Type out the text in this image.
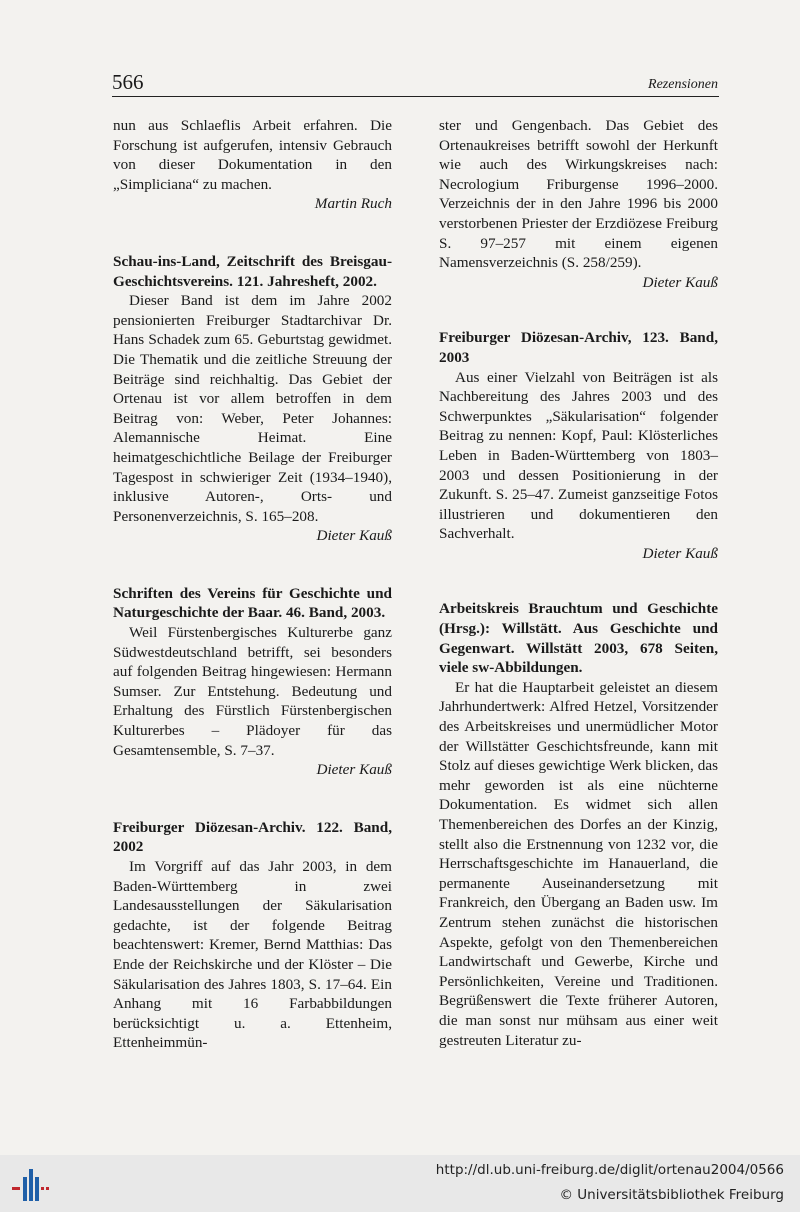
566	Rezensionen

nun aus Schlaeflis Arbeit erfahren. Die Forschung ist aufgerufen, intensiv Gebrauch von dieser Dokumentation in den „Simpliciana“ zu machen.

Martin Ruch

Schau-ins-Land, Zeitschrift des Breisgau-Geschichtsvereins. 121. Jahresheft, 2002.

Dieser Band ist dem im Jahre 2002 pensionierten Freiburger Stadtarchivar Dr. Hans Schadek zum 65. Geburtstag gewidmet. Die Thematik und die zeitliche Streuung der Beiträge sind reichhaltig. Das Gebiet der Ortenau ist vor allem betroffen in dem Beitrag von: Weber, Peter Johannes: Alemannische Heimat. Eine heimatgeschichtliche Beilage der Freiburger Tagespost in schwieriger Zeit (1934–1940), inklusive Autoren-, Orts- und Personenverzeichnis, S. 165–208.

Dieter Kauß

Schriften des Vereins für Geschichte und Naturgeschichte der Baar. 46. Band, 2003.

Weil Fürstenbergisches Kulturerbe ganz Südwestdeutschland betrifft, sei besonders auf folgenden Beitrag hingewiesen: Hermann Sumser. Zur Entstehung. Bedeutung und Erhaltung des Fürstlich Fürstenbergischen Kulturerbes – Plädoyer für das Gesamtensemble, S. 7–37.

Dieter Kauß

Freiburger Diözesan-Archiv. 122. Band, 2002

Im Vorgriff auf das Jahr 2003, in dem Baden-Württemberg in zwei Landesausstellungen der Säkularisation gedachte, ist der folgende Beitrag beachtenswert: Kremer, Bernd Matthias: Das Ende der Reichskirche und der Klöster – Die Säkularisation des Jahres 1803, S. 17–64. Ein Anhang mit 16 Farbabbildungen berücksichtigt u. a. Ettenheim, Ettenheimmün-

ster und Gengenbach. Das Gebiet des Ortenaukreises betrifft sowohl der Herkunft wie auch des Wirkungskreises nach: Necrologium Friburgense 1996–2000. Verzeichnis der in den Jahre 1996 bis 2000 verstorbenen Priester der Erzdiözese Freiburg S. 97–257 mit einem eigenen Namensverzeichnis (S. 258/259).

Dieter Kauß

Freiburger Diözesan-Archiv, 123. Band, 2003

Aus einer Vielzahl von Beiträgen ist als Nachbereitung des Jahres 2003 und des Schwerpunktes „Säkularisation“ folgender Beitrag zu nennen: Kopf, Paul: Klösterliches Leben in Baden-Württemberg von 1803–2003 und dessen Positionierung in der Zukunft. S. 25–47. Zumeist ganzseitige Fotos illustrieren und dokumentieren den Sachverhalt.

Dieter Kauß

Arbeitskreis Brauchtum und Geschichte (Hrsg.): Willstätt. Aus Geschichte und Gegenwart. Willstätt 2003, 678 Seiten, viele sw-Abbildungen.

Er hat die Hauptarbeit geleistet an diesem Jahrhundertwerk: Alfred Hetzel, Vorsitzender des Arbeitskreises und unermüdlicher Motor der Willstätter Geschichtsfreunde, kann mit Stolz auf dieses gewichtige Werk blicken, das mehr geworden ist als eine nüchterne Dokumentation. Es widmet sich allen Themenbereichen des Dorfes an der Kinzig, stellt also die Erstnennung von 1232 vor, die Herrschaftsgeschichte im Hanauerland, die permanente Auseinandersetzung mit Frankreich, den Übergang an Baden usw. Im Zentrum stehen zunächst die historischen Aspekte, gefolgt von den Themenbereichen Landwirtschaft und Gewerbe, Kirche und Persönlichkeiten, Vereine und Traditionen. Begrüßenswert die Texte früherer Autoren, die man sonst nur mühsam aus einer weit gestreuten Literatur zu-

http://dl.ub.uni-freiburg.de/diglit/ortenau2004/0566
© Universitätsbibliothek Freiburg
